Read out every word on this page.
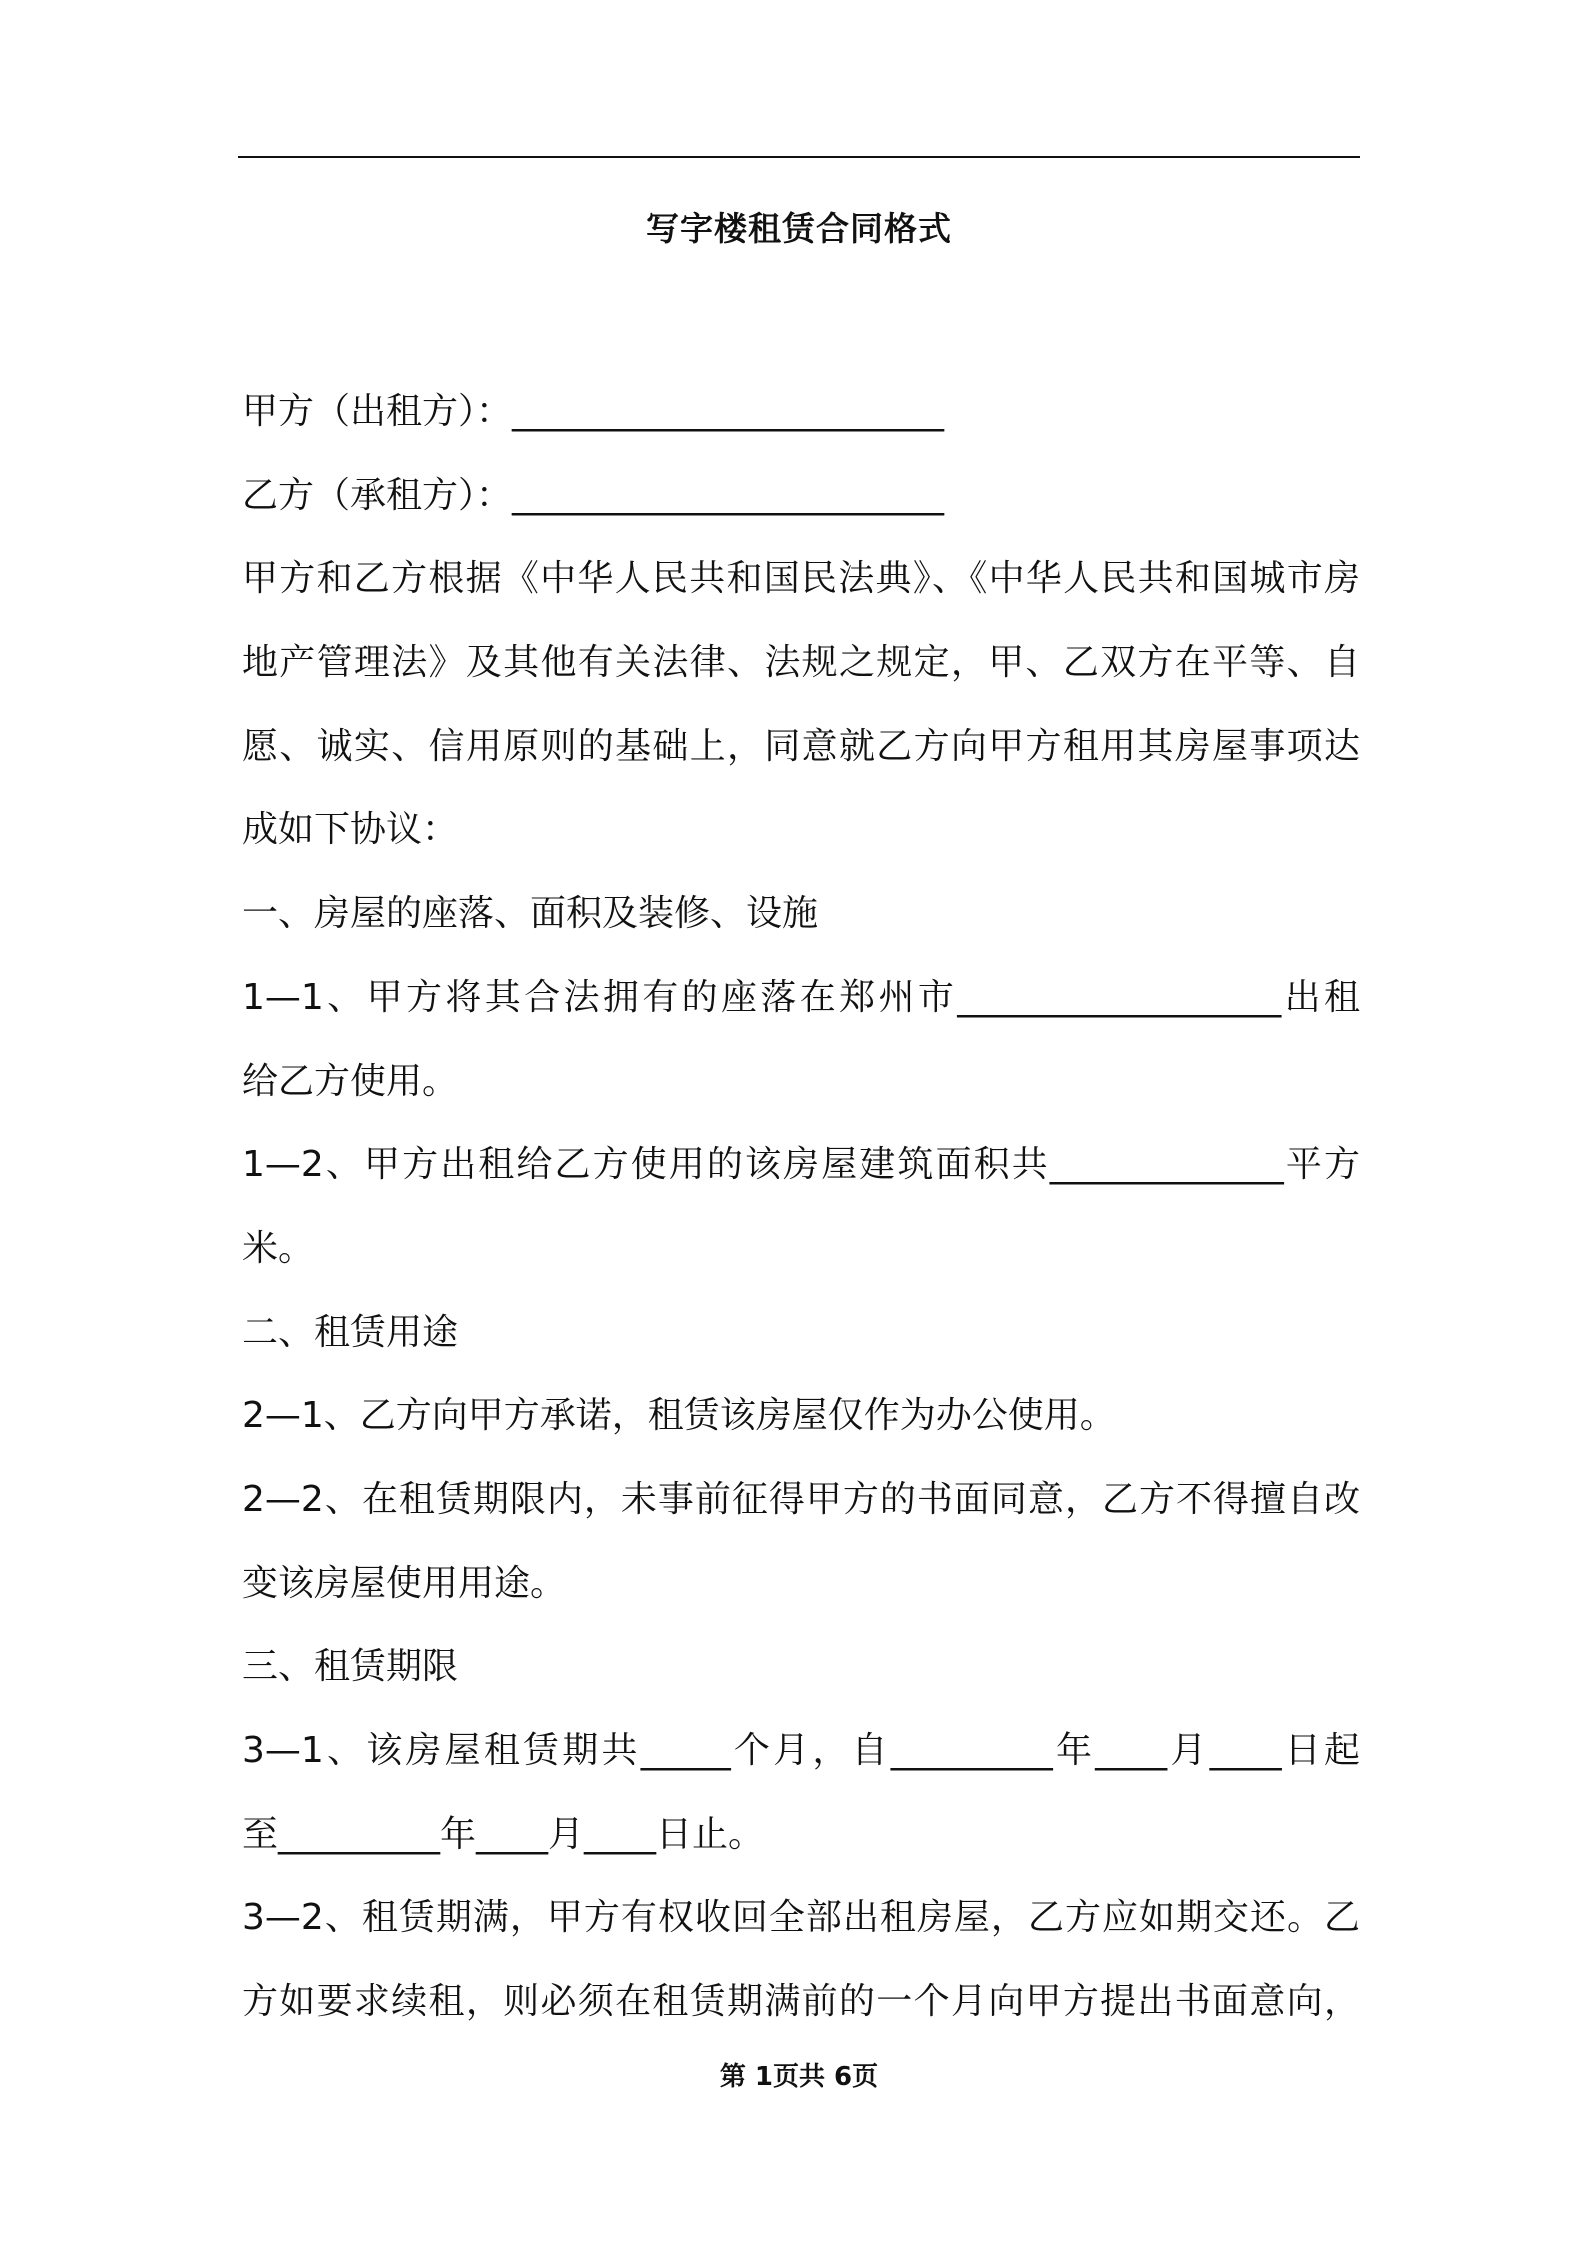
写字楼租赁合同格式
甲方（出租方）：________________________
乙方（承租方）：________________________
甲方和乙方根据《中华人民共和国民法典》、《中华人民共和国城市房
地产管理法》及其他有关法律、法规之规定，甲、乙双方在平等、自
愿、诚实、信用原则的基础上，同意就乙方向甲方租用其房屋事项达
成如下协议：
一、房屋的座落、面积及装修、设施
1—1、甲方将其合法拥有的座落在郑州市__________________出租
给乙方使用。
1—2、甲方出租给乙方使用的该房屋建筑面积共_____________平方
米。
二、租赁用途
2—1、乙方向甲方承诺，租赁该房屋仅作为办公使用。
2—2、在租赁期限内，未事前征得甲方的书面同意，乙方不得擅自改
变该房屋使用用途。
三、租赁期限
3—1、该房屋租赁期共_____个月，自_________年____月____日起
至_________年____月____日止。
3—2、租赁期满，甲方有权收回全部出租房屋，乙方应如期交还。乙
方如要求续租，则必须在租赁期满前的一个月向甲方提出书面意向，
第 1页共 6页
